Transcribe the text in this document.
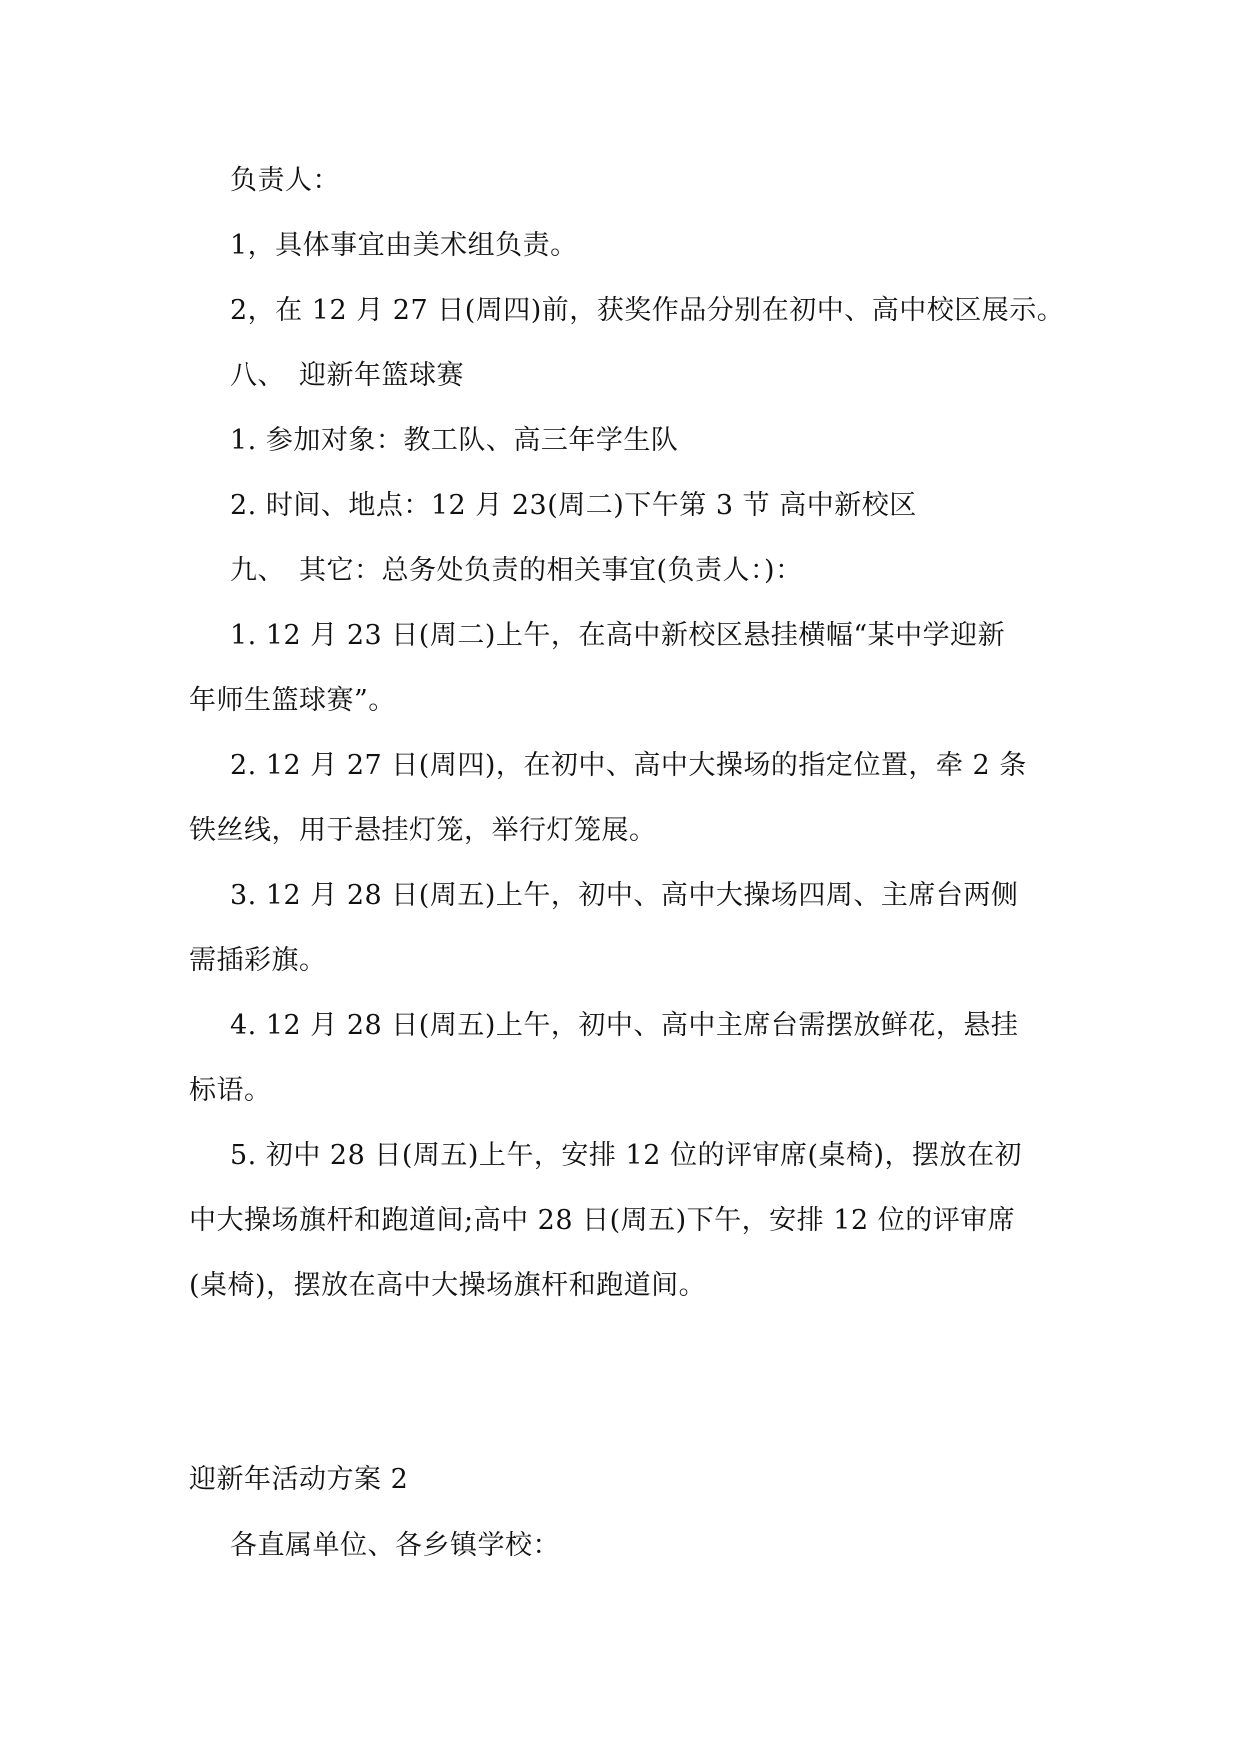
负责人：
1，具体事宜由美术组负责。
2，在 12 月 27 日(周四)前，获奖作品分别在初中、高中校区展示。
八、　迎新年篮球赛
1. 参加对象：教工队、高三年学生队
2. 时间、地点：12 月 23(周二)下午第 3 节 高中新校区
九、　其它：总务处负责的相关事宜(负责人：)：
1. 12 月 23 日(周二)上午，在高中新校区悬挂横幅“某中学迎新
年师生篮球赛”。
2. 12 月 27 日(周四)，在初中、高中大操场的指定位置，牵 2 条
铁丝线，用于悬挂灯笼，举行灯笼展。
3. 12 月 28 日(周五)上午，初中、高中大操场四周、主席台两侧
需插彩旗。
4. 12 月 28 日(周五)上午，初中、高中主席台需摆放鲜花，悬挂
标语。
5. 初中 28 日(周五)上午，安排 12 位的评审席(桌椅)，摆放在初
中大操场旗杆和跑道间;高中 28 日(周五)下午，安排 12 位的评审席
(桌椅)，摆放在高中大操场旗杆和跑道间。
迎新年活动方案 2
各直属单位、各乡镇学校：
